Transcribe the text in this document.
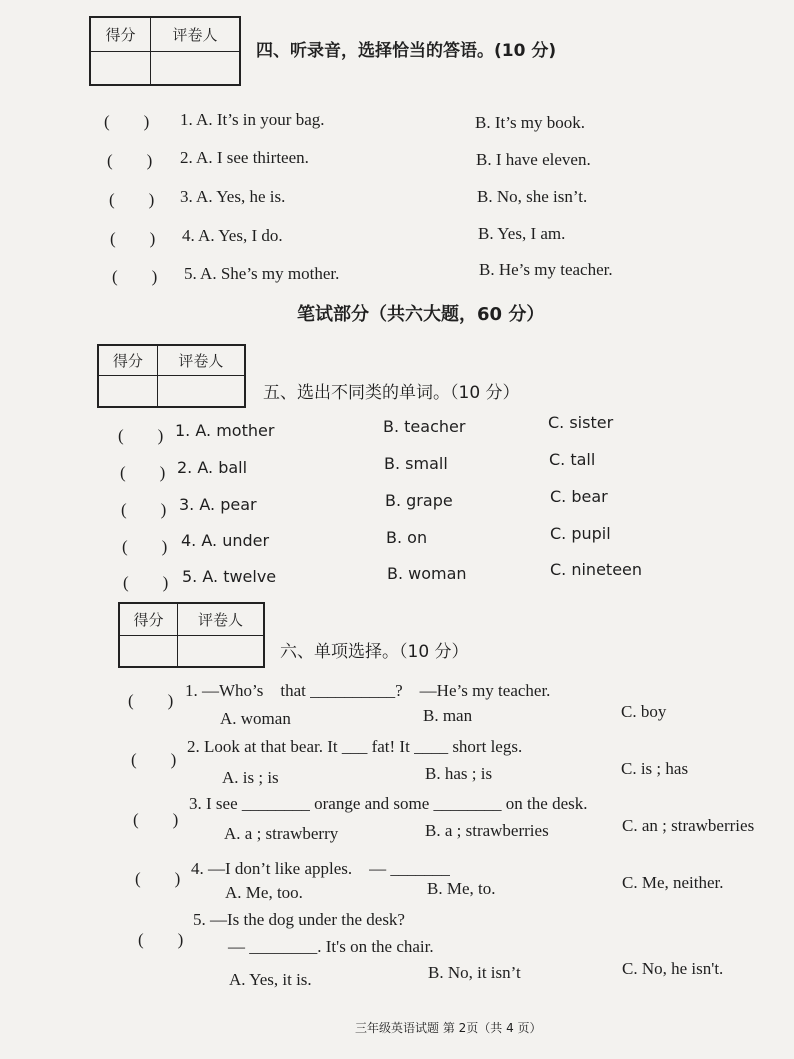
得分	评卷人

四、听录音，选择恰当的答语。(10 分)
(　　) 1. A. It’s in your bag.	B. It’s my book.
(　　) 2. A. I see thirteen.	B. I have eleven.
(　　) 3. A. Yes, he is.	B. No, she isn’t.
(　　) 4. A. Yes, I do.	B. Yes, I am.
(　　) 5. A. She’s my mother.	B. He’s my teacher.
笔试部分（共六大题，60 分）
得分	评卷人

五、选出不同类的单词。（10 分）
(　　) 1. A. mother	B. teacher	C. sister
(　　) 2. A. ball	B. small	C. tall
(　　) 3. A. pear	B. grape	C. bear
(　　) 4. A. under	B. on	C. pupil
(　　) 5. A. twelve	B. woman	C. nineteen
得分	评卷人

六、单项选择。（10 分）
(　　)
1. —Who’s　that __________?　—He’s my teacher.
A. woman	B. man	C. boy
(　　)
2. Look at that bear. It ___ fat! It ____ short legs.
A. is ; is	B. has ; is	C. is ; has
(　　)
3. I see ________ orange and some ________ on the desk.
A. a ; strawberry	B. a ; strawberries	C. an ; strawberries
(　　)
4. —I don’t like apples.　— _______
A. Me, too.	B. Me, to.	C. Me, neither.
(　　)
5. —Is the dog under the desk?
— ________. It's on the chair.
A. Yes, it is.	B. No, it isn’t	C. No, he isn't.
三年级英语试题 第 2页（共 4 页）
